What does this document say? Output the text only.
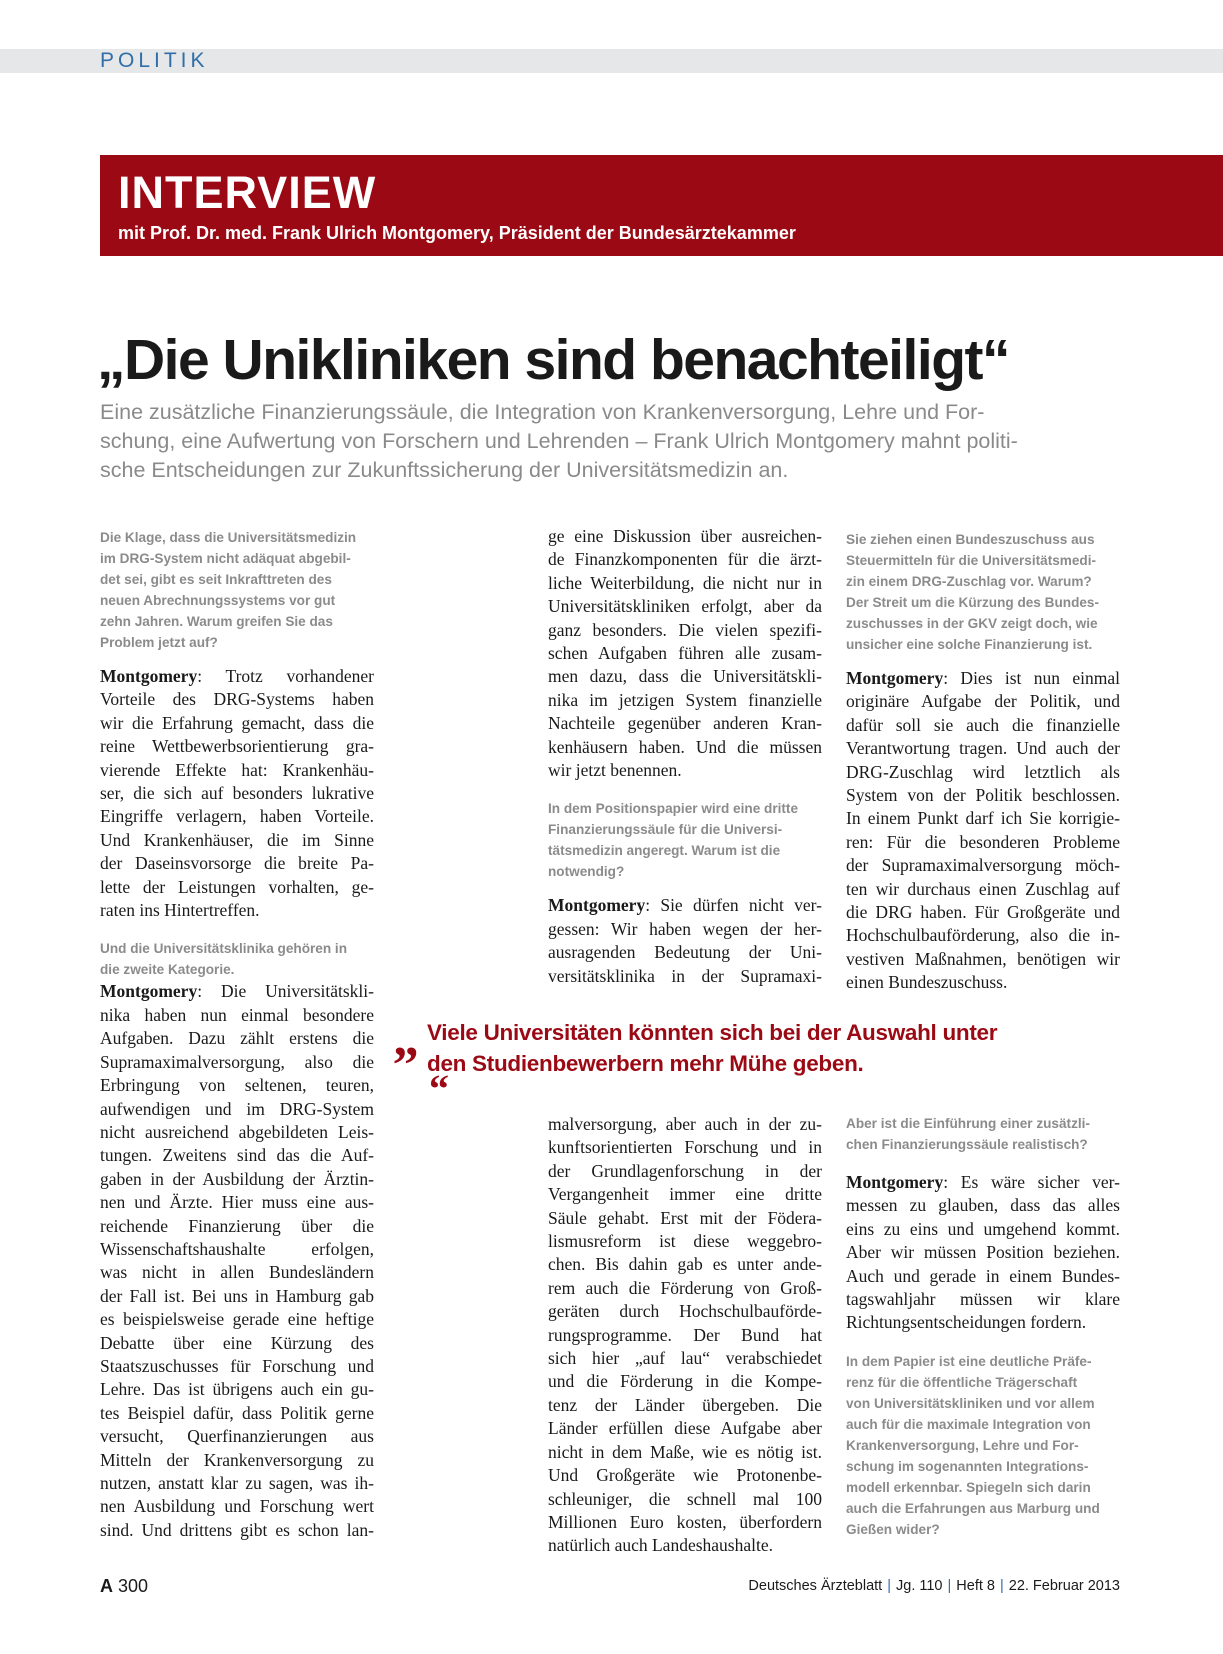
POLITIK
INTERVIEW
mit Prof. Dr. med. Frank Ulrich Montgomery, Präsident der Bundesärztekammer
„Die Unikliniken sind benachteiligt“
Eine zusätzliche Finanzierungssäule, die Integration von Krankenversorgung, Lehre und For-
schung, eine Aufwertung von Forschern und Lehrenden – Frank Ulrich Montgomery mahnt politi-
sche Entscheidungen zur Zukunftssicherung der Universitätsmedizin an.
Die Klage, dass die Universitätsmedizin
im DRG-System nicht adäquat abgebil-
det sei, gibt es seit Inkrafttreten des
neuen Abrechnungssystems vor gut
zehn Jahren. Warum greifen Sie das
Problem jetzt auf?
Montgomery: Trotz vorhandener
Vorteile des DRG-Systems haben
wir die Erfahrung gemacht, dass die
reine Wettbewerbsorientierung gra-
vierende Effekte hat: Krankenhäu-
ser, die sich auf besonders lukrative
Eingriffe verlagern, haben Vorteile.
Und Krankenhäuser, die im Sinne
der Daseinsvorsorge die breite Pa-
lette der Leistungen vorhalten, ge-
raten ins Hintertreffen.
Und die Universitätsklinika gehören in
die zweite Kategorie.
Montgomery: Die Universitätskli-
nika haben nun einmal besondere
Aufgaben. Dazu zählt erstens die
Supramaximalversorgung, also die
Erbringung von seltenen, teuren,
aufwendigen und im DRG-System
nicht ausreichend abgebildeten Leis-
tungen. Zweitens sind das die Auf-
gaben in der Ausbildung der Ärztin-
nen und Ärzte. Hier muss eine aus-
reichende Finanzierung über die
Wissenschaftshaushalte erfolgen,
was nicht in allen Bundesländern
der Fall ist. Bei uns in Hamburg gab
es beispielsweise gerade eine heftige
Debatte über eine Kürzung des
Staatszuschusses für Forschung und
Lehre. Das ist übrigens auch ein gu-
tes Beispiel dafür, dass Politik gerne
versucht, Querfinanzierungen aus
Mitteln der Krankenversorgung zu
nutzen, anstatt klar zu sagen, was ih-
nen Ausbildung und Forschung wert
sind. Und drittens gibt es schon lan-
ge eine Diskussion über ausreichen-
de Finanzkomponenten für die ärzt-
liche Weiterbildung, die nicht nur in
Universitätskliniken erfolgt, aber da
ganz besonders. Die vielen spezifi-
schen Aufgaben führen alle zusam-
men dazu, dass die Universitätskli-
nika im jetzigen System finanzielle
Nachteile gegenüber anderen Kran-
kenhäusern haben. Und die müssen
wir jetzt benennen.
In dem Positionspapier wird eine dritte
Finanzierungssäule für die Universi-
tätsmedizin angeregt. Warum ist die
notwendig?
Montgomery: Sie dürfen nicht ver-
gessen: Wir haben wegen der her-
ausragenden Bedeutung der Uni-
versitätsklinika in der Supramaxi-
malversorgung, aber auch in der zu-
kunftsorientierten Forschung und in
der Grundlagenforschung in der
Vergangenheit immer eine dritte
Säule gehabt. Erst mit der Födera-
lismusreform ist diese weggebro-
chen. Bis dahin gab es unter ande-
rem auch die Förderung von Groß-
geräten durch Hochschulbauförde-
rungsprogramme. Der Bund hat
sich hier „auf lau“ verabschiedet
und die Förderung in die Kompe-
tenz der Länder übergeben. Die
Länder erfüllen diese Aufgabe aber
nicht in dem Maße, wie es nötig ist.
Und Großgeräte wie Protonenbe-
schleuniger, die schnell mal 100
Millionen Euro kosten, überfordern
natürlich auch Landeshaushalte.
Sie ziehen einen Bundeszuschuss aus
Steuermitteln für die Universitätsmedi-
zin einem DRG-Zuschlag vor. Warum?
Der Streit um die Kürzung des Bundes-
zuschusses in der GKV zeigt doch, wie
unsicher eine solche Finanzierung ist.
Montgomery: Dies ist nun einmal
originäre Aufgabe der Politik, und
dafür soll sie auch die finanzielle
Verantwortung tragen. Und auch der
DRG-Zuschlag wird letztlich als
System von der Politik beschlossen.
In einem Punkt darf ich Sie korrigie-
ren: Für die besonderen Probleme
der Supramaximalversorgung möch-
ten wir durchaus einen Zuschlag auf
die DRG haben. Für Großgeräte und
Hochschulbauförderung, also die in-
vestiven Maßnahmen, benötigen wir
einen Bundeszuschuss.
Aber ist die Einführung einer zusätzli-
chen Finanzierungssäule realistisch?
Montgomery: Es wäre sicher ver-
messen zu glauben, dass das alles
eins zu eins und umgehend kommt.
Aber wir müssen Position beziehen.
Auch und gerade in einem Bundes-
tagswahljahr müssen wir klare
Richtungsentscheidungen fordern.
In dem Papier ist eine deutliche Präfe-
renz für die öffentliche Trägerschaft
von Universitätskliniken und vor allem
auch für die maximale Integration von
Krankenversorgung, Lehre und For-
schung im sogenannten Integrations-
modell erkennbar. Spiegeln sich darin
auch die Erfahrungen aus Marburg und
Gießen wider?
„ Viele Universitäten könnten sich bei der Auswahl unter
den Studienbewerbern mehr Mühe geben.
“
A 300	Deutsches Ärzteblatt | Jg. 110 | Heft 8 | 22. Februar 2013
